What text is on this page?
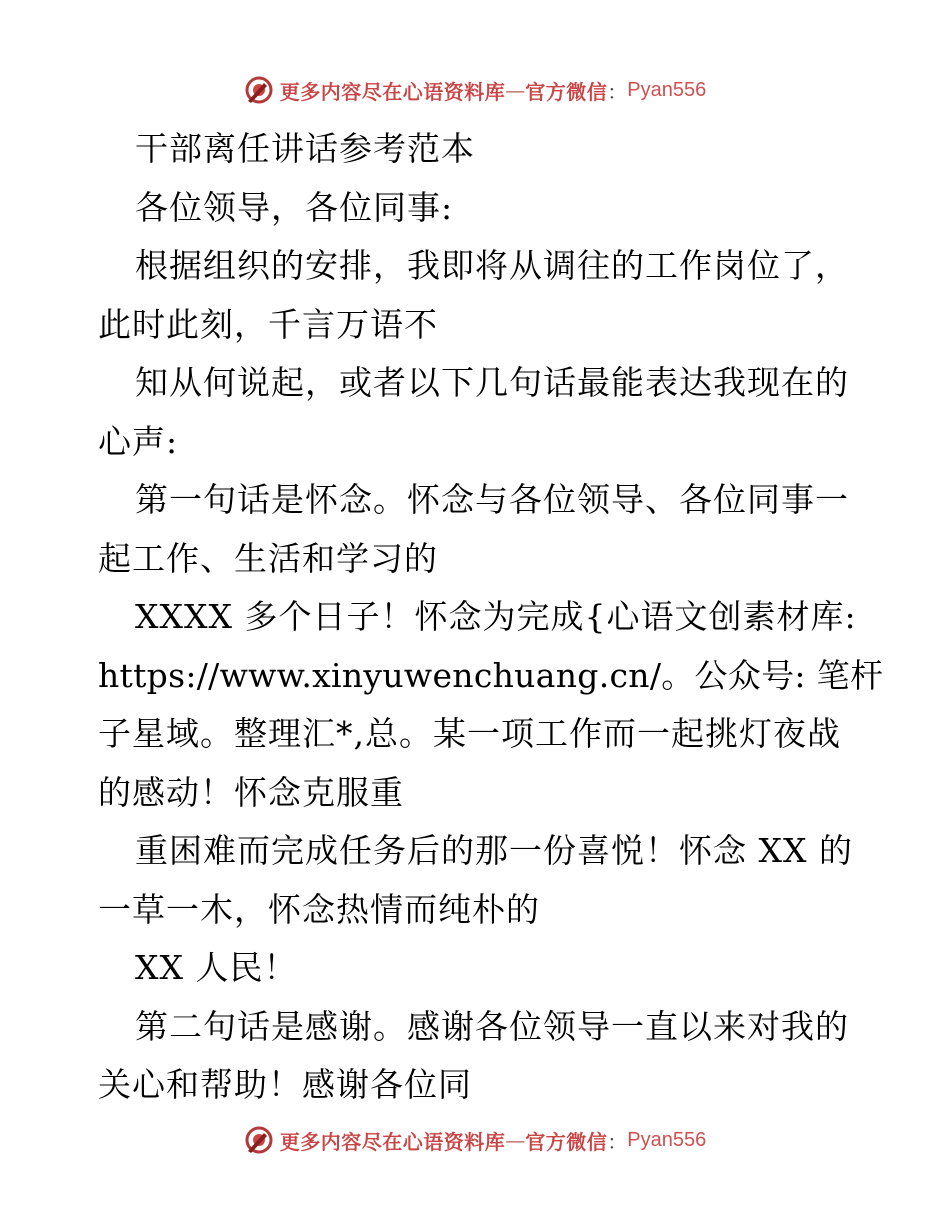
更多内容尽在心语资料库 — 官方微信 ： Pyan556
干部离任讲话参考范本
各位领导，各位同事:
根据组织的安排，我即将从调往的工作岗位了，
此时此刻，千言万语不
知从何说起，或者以下几句话最能表达我现在的
心声:
第一句话是怀念。怀念与各位领导、各位同事一
起工作、生活和学习的
XXXX 多个日子！怀念为完成{心语文创素材库:
https://www.xinyuwenchuang.cn/。公众号: 笔杆
子星域。整理汇*,总。某一项工作而一起挑灯夜战
的感动！怀念克服重
重困难而完成任务后的那一份喜悦！怀念 XX 的
一草一木，怀念热情而纯朴的
XX 人民！
第二句话是感谢。感谢各位领导一直以来对我的
关心和帮助！感谢各位同
更多内容尽在心语资料库 — 官方微信 ： Pyan556
